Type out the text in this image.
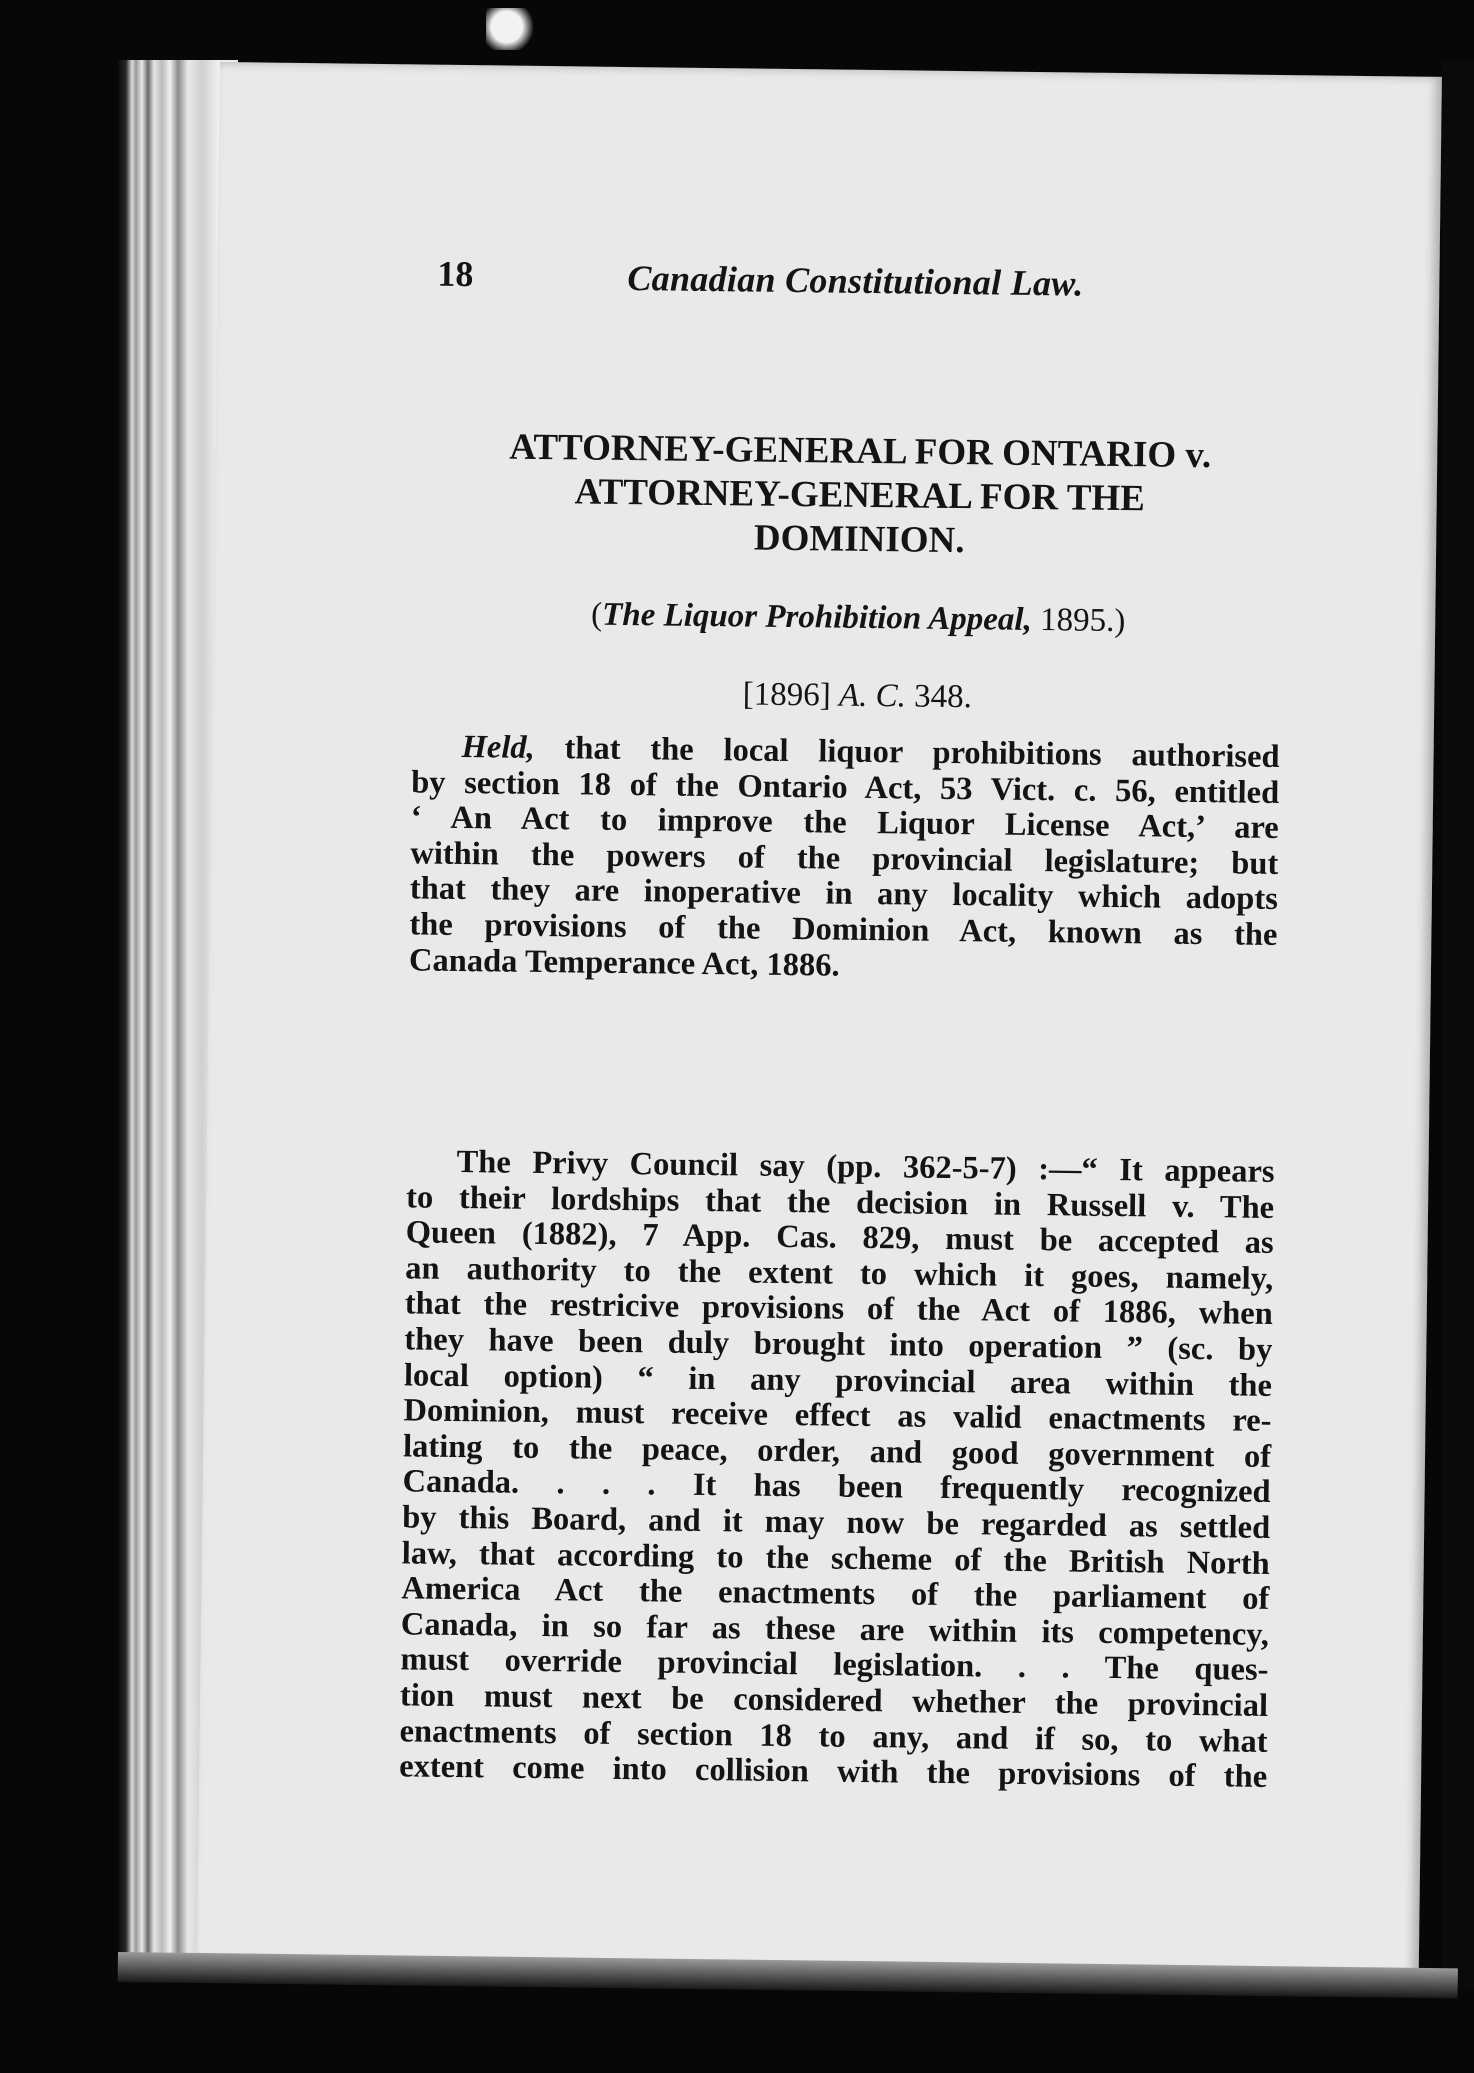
18	Canadian Constitutional Law.
ATTORNEY-GENERAL FOR ONTARIO v.
ATTORNEY-GENERAL FOR THE
DOMINION.
(The Liquor Prohibition Appeal, 1895.)
[1896] A. C. 348.
Held, that the local liquor prohibitions authorised
by section 18 of the Ontario Act, 53 Vict. c. 56, entitled
‘ An Act to improve the Liquor License Act,’ are
within the powers of the provincial legislature; but
that they are inoperative in any locality which adopts
the provisions of the Dominion Act, known as the
Canada Temperance Act, 1886.
The Privy Council say (pp. 362-5-7) :—“ It appears
to their lordships that the decision in Russell v. The
Queen (1882), 7 App. Cas. 829, must be accepted as
an authority to the extent to which it goes, namely,
that the restricive provisions of the Act of 1886, when
they have been duly brought into operation ” (sc. by
local option) “ in any provincial area within the
Dominion, must receive effect as valid enactments re-
lating to the peace, order, and good government of
Canada. . . . It has been frequently recognized
by this Board, and it may now be regarded as settled
law, that according to the scheme of the British North
America Act the enactments of the parliament of
Canada, in so far as these are within its competency,
must override provincial legislation. . . The ques-
tion must next be considered whether the provincial
enactments of section 18 to any, and if so, to what
extent come into collision with the provisions of the
